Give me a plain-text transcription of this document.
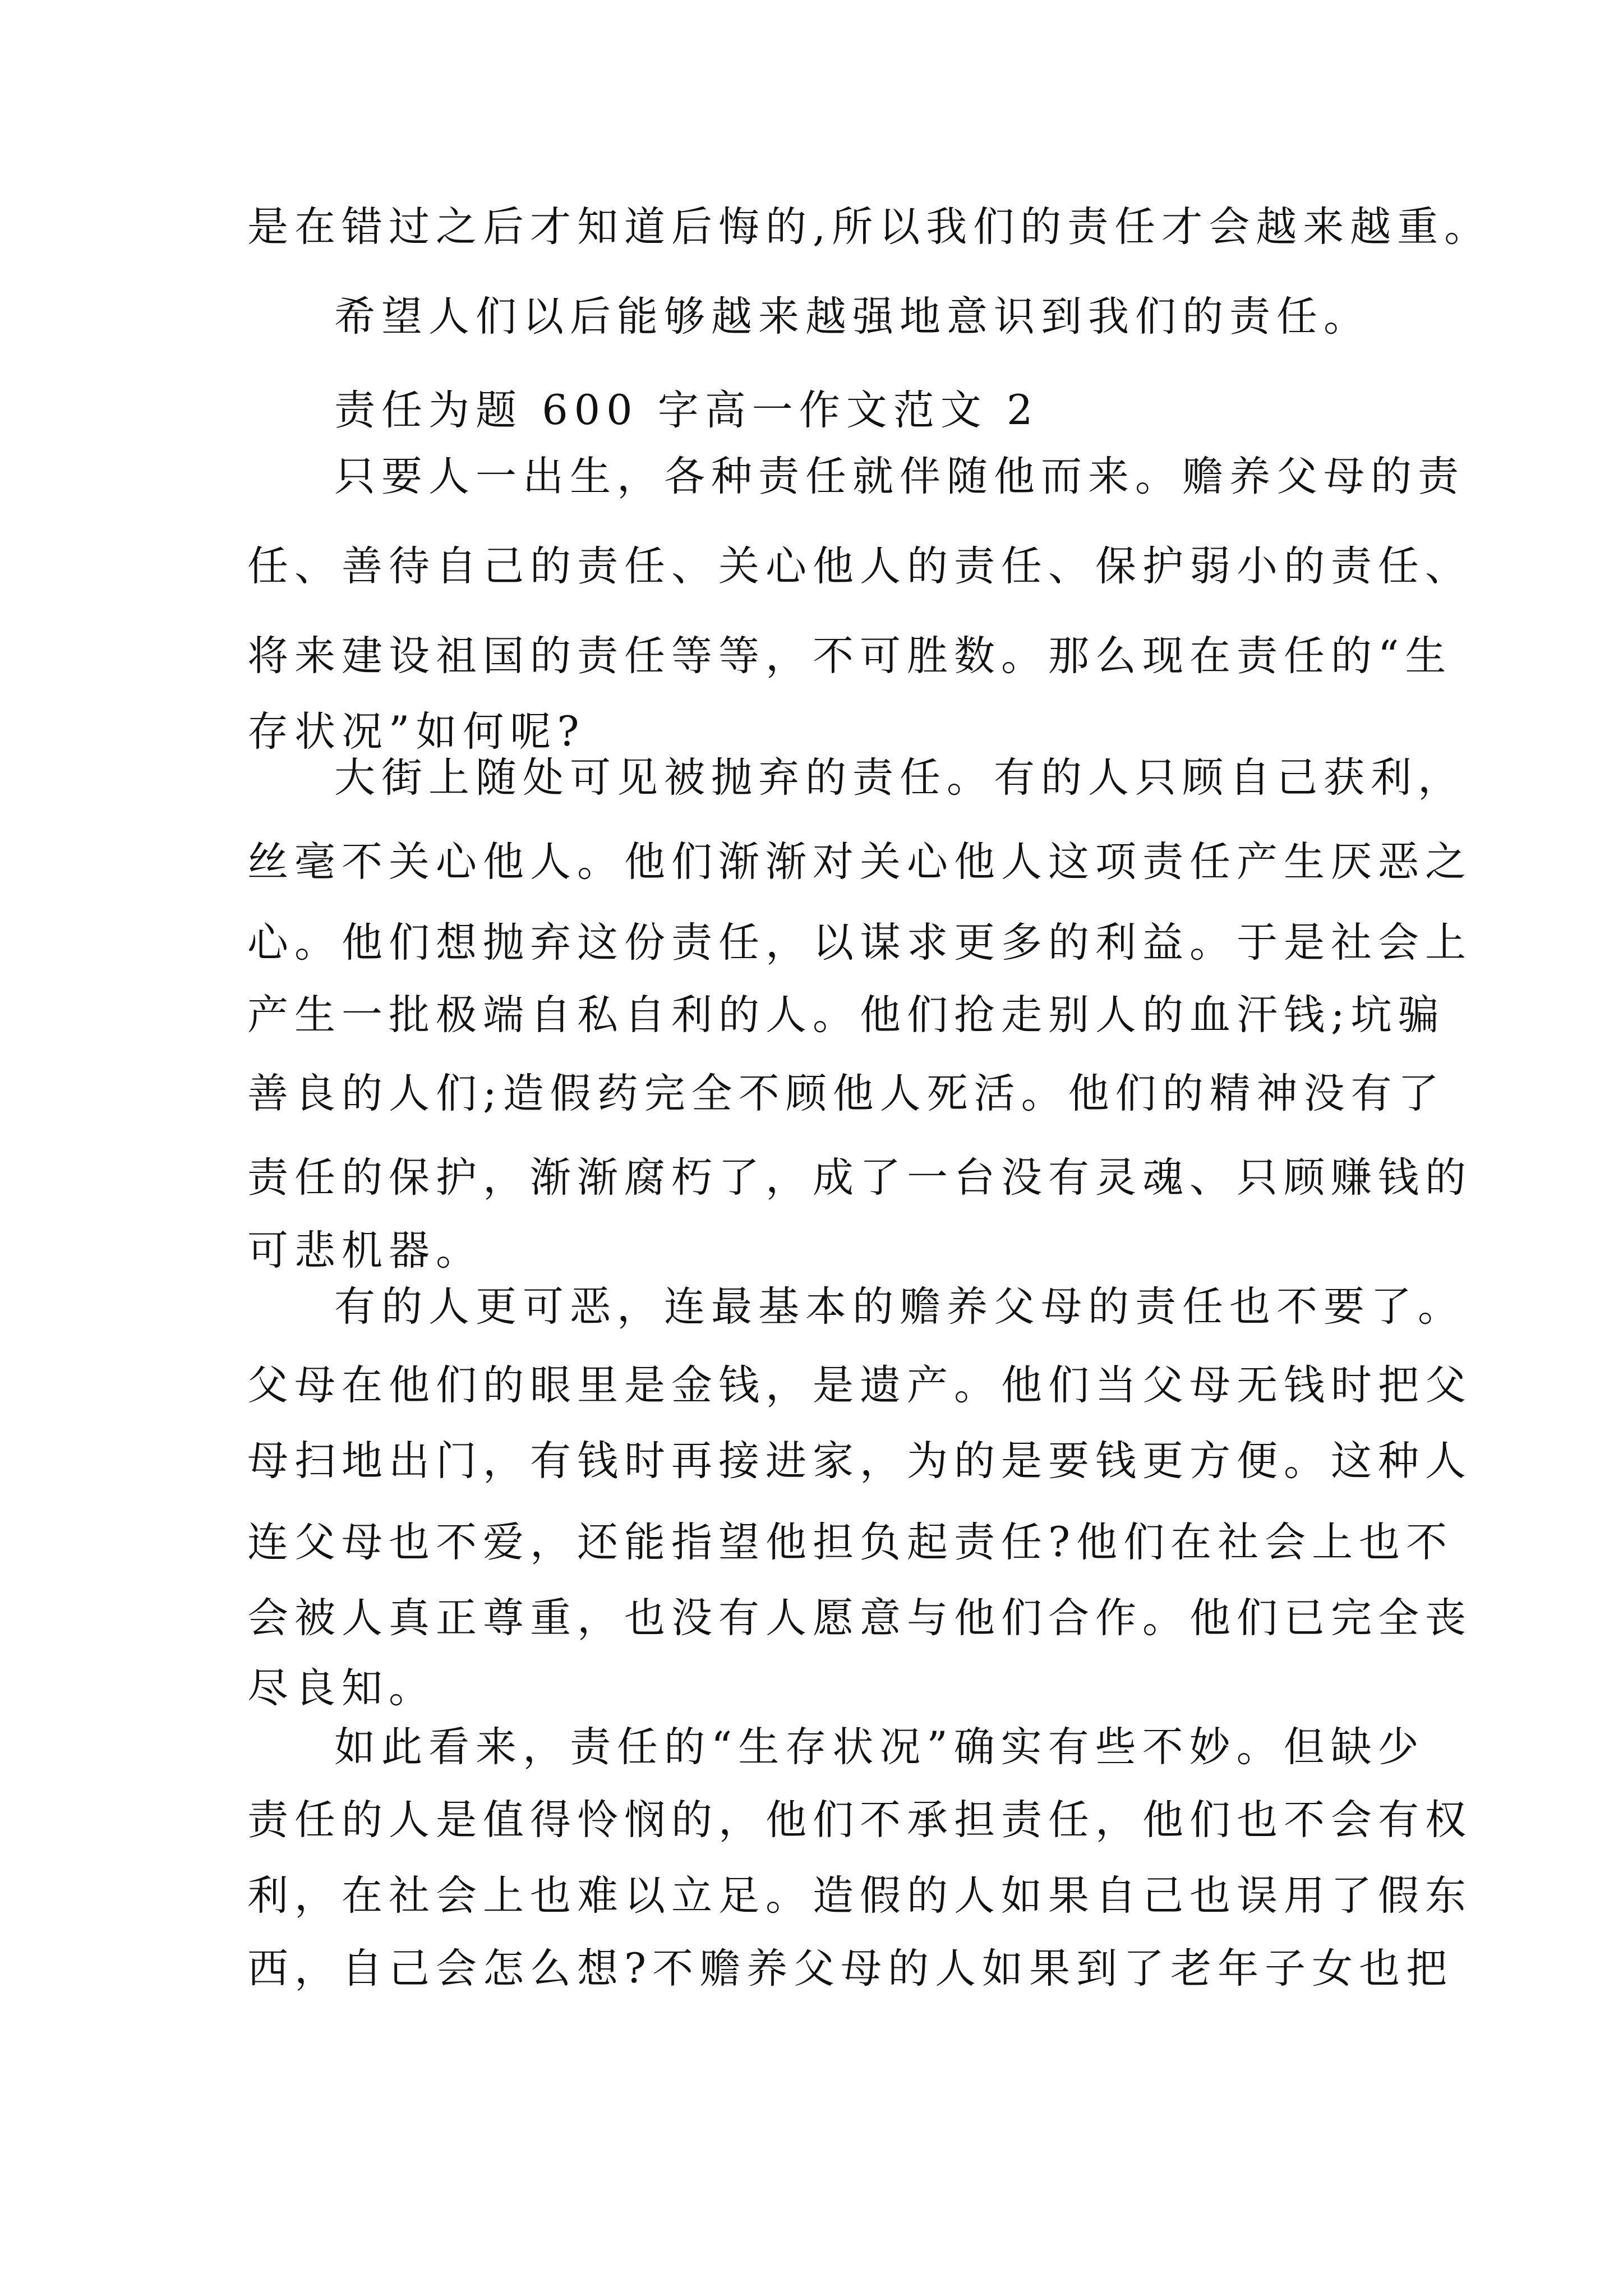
是在错过之后才知道后悔的,所以我们的责任才会越来越重。
希望人们以后能够越来越强地意识到我们的责任。
责任为题 600 字高一作文范文 2
只要人一出生，各种责任就伴随他而来。赡养父母的责
任、善待自己的责任、关心他人的责任、保护弱小的责任、
将来建设祖国的责任等等，不可胜数。那么现在责任的“生
存状况”如何呢?
大街上随处可见被抛弃的责任。有的人只顾自己获利，
丝毫不关心他人。他们渐渐对关心他人这项责任产生厌恶之
心。他们想抛弃这份责任，以谋求更多的利益。于是社会上
产生一批极端自私自利的人。他们抢走别人的血汗钱;坑骗
善良的人们;造假药完全不顾他人死活。他们的精神没有了
责任的保护，渐渐腐朽了，成了一台没有灵魂、只顾赚钱的
可悲机器。
有的人更可恶，连最基本的赡养父母的责任也不要了。
父母在他们的眼里是金钱，是遗产。他们当父母无钱时把父
母扫地出门，有钱时再接进家，为的是要钱更方便。这种人
连父母也不爱，还能指望他担负起责任?他们在社会上也不
会被人真正尊重，也没有人愿意与他们合作。他们已完全丧
尽良知。
如此看来，责任的“生存状况”确实有些不妙。但缺少
责任的人是值得怜悯的，他们不承担责任，他们也不会有权
利，在社会上也难以立足。造假的人如果自己也误用了假东
西，自己会怎么想?不赡养父母的人如果到了老年子女也把
